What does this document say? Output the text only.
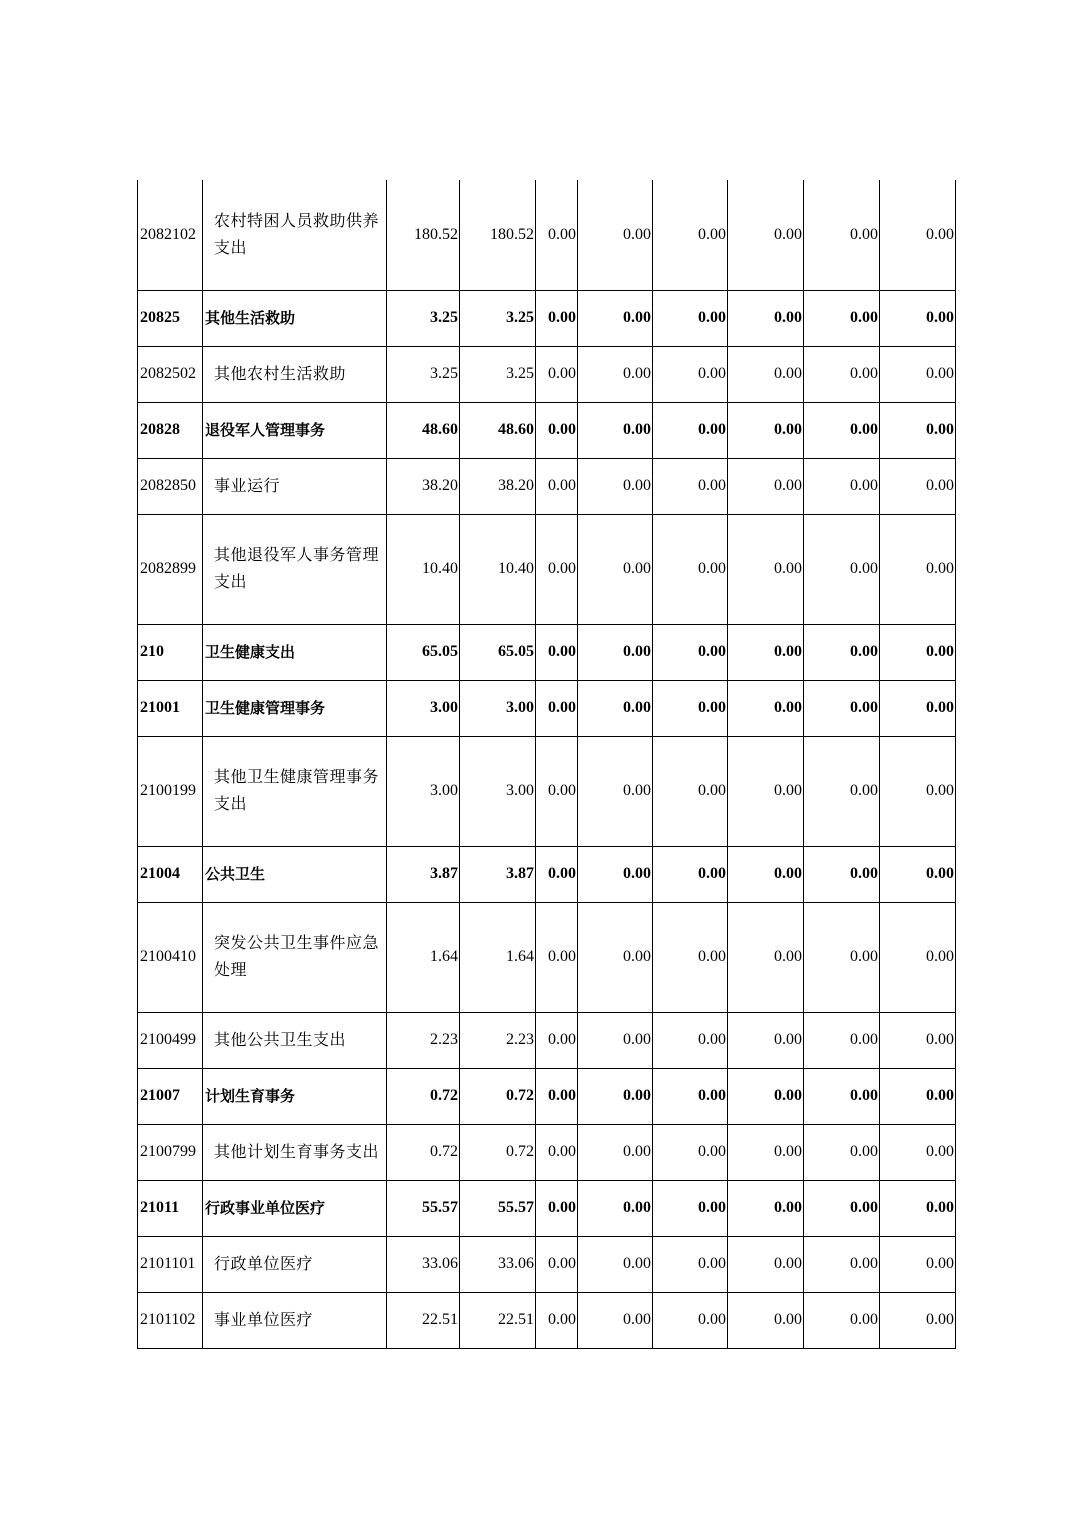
2082102	农村特困人员救助供养支出	180.52	180.52	0.00	0.00	0.00	0.00	0.00	0.00
20825	其他生活救助	3.25	3.25	0.00	0.00	0.00	0.00	0.00	0.00
2082502	其他农村生活救助	3.25	3.25	0.00	0.00	0.00	0.00	0.00	0.00
20828	退役军人管理事务	48.60	48.60	0.00	0.00	0.00	0.00	0.00	0.00
2082850	事业运行	38.20	38.20	0.00	0.00	0.00	0.00	0.00	0.00
2082899	其他退役军人事务管理支出	10.40	10.40	0.00	0.00	0.00	0.00	0.00	0.00
210	卫生健康支出	65.05	65.05	0.00	0.00	0.00	0.00	0.00	0.00
21001	卫生健康管理事务	3.00	3.00	0.00	0.00	0.00	0.00	0.00	0.00
2100199	其他卫生健康管理事务支出	3.00	3.00	0.00	0.00	0.00	0.00	0.00	0.00
21004	公共卫生	3.87	3.87	0.00	0.00	0.00	0.00	0.00	0.00
2100410	突发公共卫生事件应急处理	1.64	1.64	0.00	0.00	0.00	0.00	0.00	0.00
2100499	其他公共卫生支出	2.23	2.23	0.00	0.00	0.00	0.00	0.00	0.00
21007	计划生育事务	0.72	0.72	0.00	0.00	0.00	0.00	0.00	0.00
2100799	其他计划生育事务支出	0.72	0.72	0.00	0.00	0.00	0.00	0.00	0.00
21011	行政事业单位医疗	55.57	55.57	0.00	0.00	0.00	0.00	0.00	0.00
2101101	行政单位医疗	33.06	33.06	0.00	0.00	0.00	0.00	0.00	0.00
2101102	事业单位医疗	22.51	22.51	0.00	0.00	0.00	0.00	0.00	0.00
